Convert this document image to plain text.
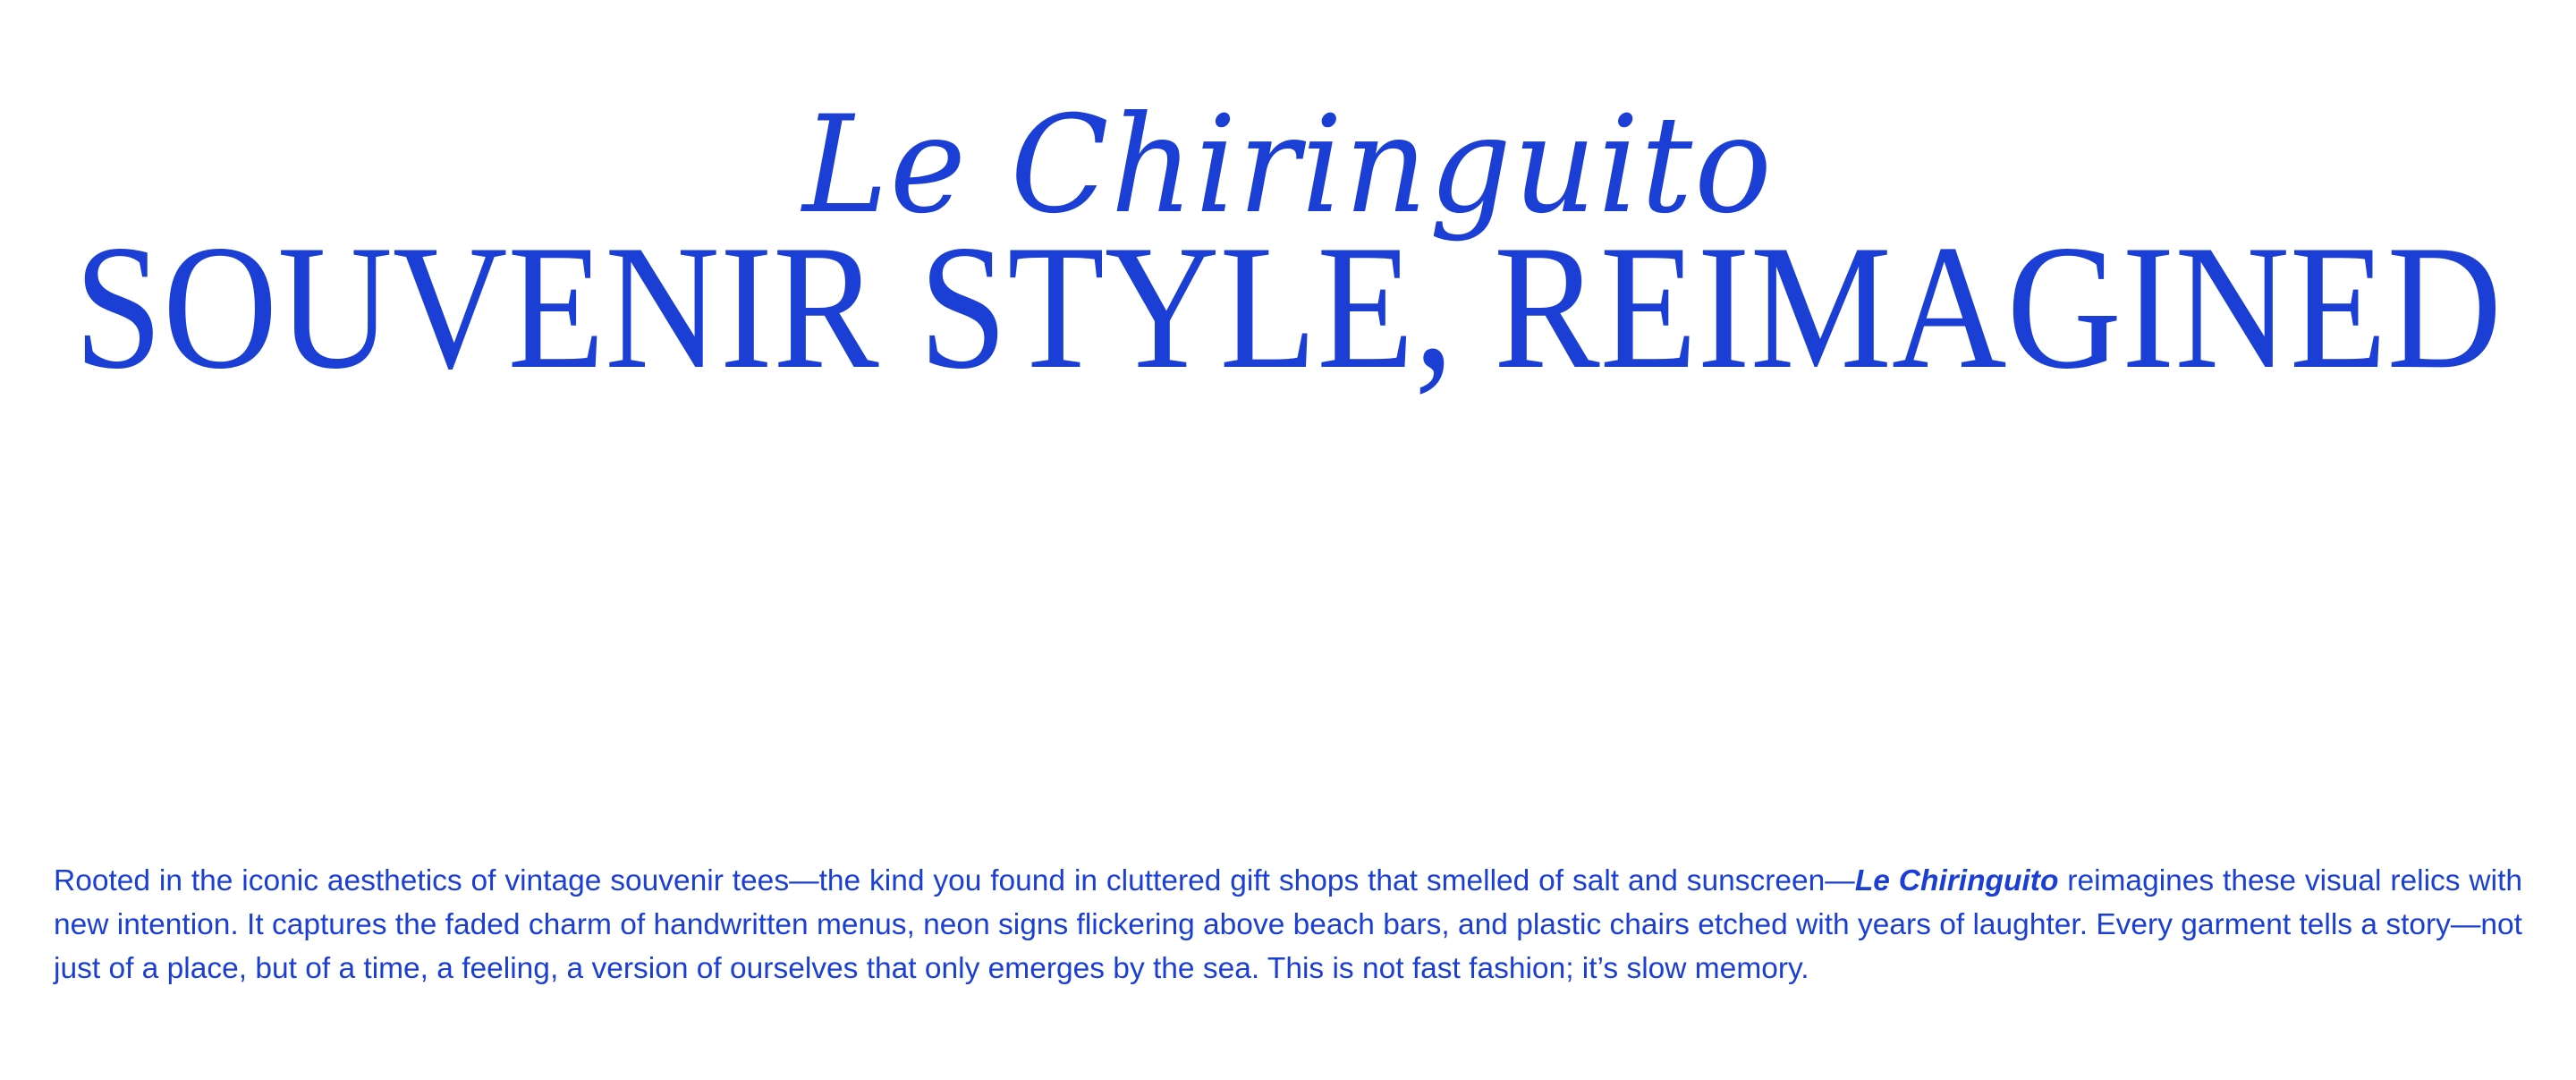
Le Chiringuito
SOUVENIR STYLE, REIMAGINED
Rooted in the iconic aesthetics of vintage souvenir tees—the kind you found in cluttered gift shops that smelled of salt and sunscreen—Le Chiringuito reimagines these visual relics with new intention. It captures the faded charm of handwritten menus, neon signs flickering above beach bars, and plastic chairs etched with years of laughter. Every garment tells a story—not just of a place, but of a time, a feeling, a version of ourselves that only emerges by the sea. This is not fast fashion; it’s slow memory.
